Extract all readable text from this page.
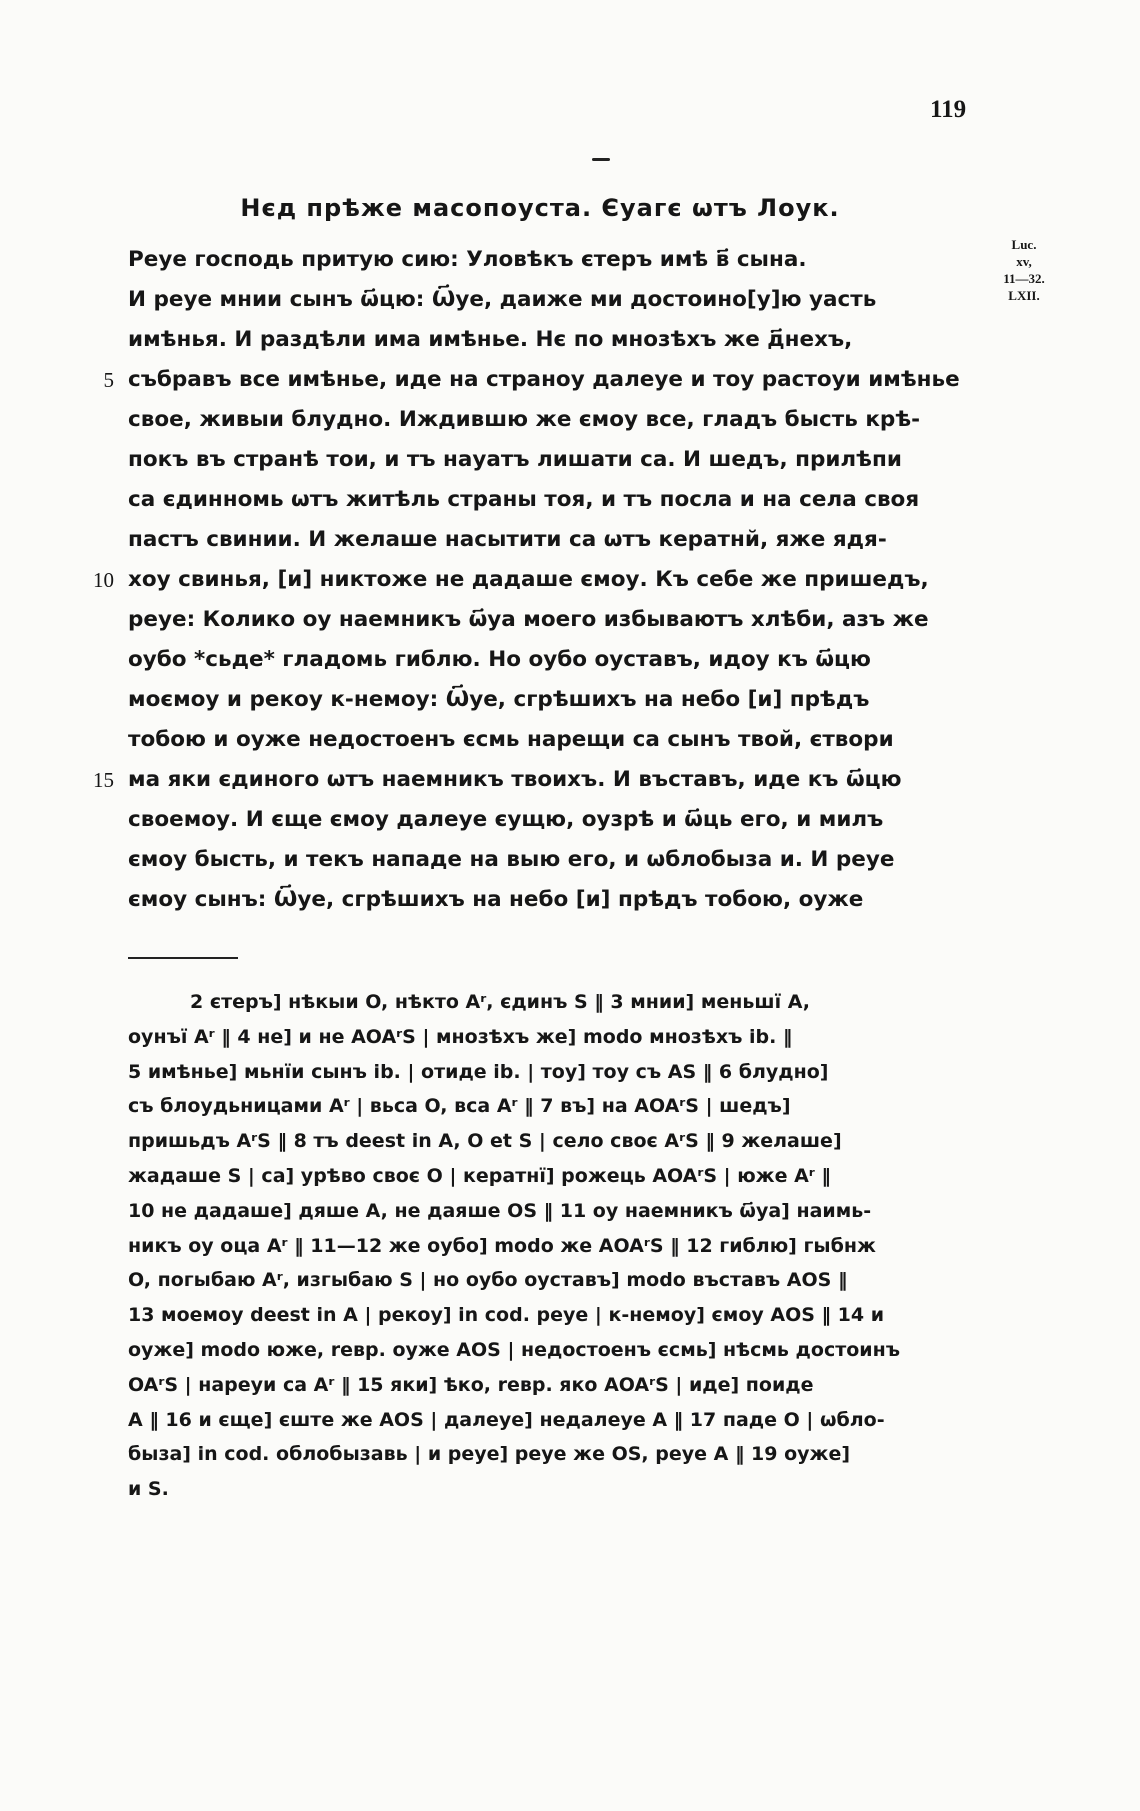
119
Нєд прѣже масопоуста. Єуагє ѡтъ Лоук.
Luc.
xv,
11—32.
LXII.
Реуе господь притую сию: Уловѣкъ єтеръ имѣ в҃ сына.
И реуе мнии сынъ ѡ҃цю: Ѡ҃уе, даиже ми достоино[у]ю уасть
имѣнья. И раздѣли има имѣнье. Нє по мнозѣхъ же д҃нехъ,
5 събравъ все имѣнье, иде на страноу далеуе и тоу растоуи имѣнье
свое, живыи блудно. Иждившю же ємоу все, гладъ бысть крѣ-
покъ въ странѣ тои, и тъ науатъ лишати са. И шедъ, прилѣпи
са єдинномь ѡтъ житѣль страны тоя, и тъ посла и на села своя
пастъ свинии. И желаше насытити са ѡтъ кератнй, яже ядя-
10 хоу свинья, [и] никтоже не дадаше ємоу. Къ себе же пришедъ,
реуе: Колико оу наемникъ ѡ҃уа моего избываютъ хлѣби, азъ же
оубо *сьде* гладомь гиблю. Но оубо оуставъ, идоу къ ѡ҃цю
моємоу и рекоу к-немоу: Ѡ҃уе, сгрѣшихъ на небо [и] прѣдъ
тобою и оуже недостоенъ єсмь нарещи са сынъ твой, єтвори
15 ма яки єдиного ѡтъ наемникъ твоихъ. И въставъ, иде къ ѡ҃цю
своемоу. И єще ємоу далеуе єущю, оузрѣ и ѡ҃ць его, и милъ
ємоу бысть, и текъ нападе на выю его, и ѡблобыза и. И реуе
ємоу сынъ: Ѡ҃уе, сгрѣшихъ на небо [и] прѣдъ тобою, оуже
2 єтеръ] нѣкыи O, нѣкто Aʳ, єдинъ S ‖ 3 мнии] меньшї A,
оунъї Aʳ ‖ 4 не] и не AOAʳS | мнозѣхъ же] modo мнозѣхъ ib. ‖
5 имѣнье] мьнїи сынъ ib. | отиде ib. | тоу] тоу съ AS ‖ 6 блудно]
съ блоудьницами Aʳ | вьса O, вса Aʳ ‖ 7 въ] на AOAʳS | шедъ]
пришьдъ AʳS ‖ 8 тъ deest in A, O et S | село своє AʳS ‖ 9 желаше]
жадаше S | са] урѣво своє O | кератнї] рожець AOAʳS | юже Aʳ ‖
10 не дадаше] дяше A, не даяше OS ‖ 11 оу наемникъ ѡ҃уа] наимь-
никъ оу оца Aʳ ‖ 11—12 же оубо] modo же AOAʳS ‖ 12 гиблю] гыбнж
O, погыбаю Aʳ, изгыбаю S | но оубо оуставъ] modo въставъ AOS ‖
13 моемоу deest in A | рекоу] in cod. реуе | к-немоу] ємоу AOS ‖ 14 и
оуже] modo юже, reвр. оуже AOS | недостоенъ єсмь] нѣсмь достоинъ
OAʳS | нареуи са Aʳ ‖ 15 яки] ѣко, reвр. яко AOAʳS | иде] поиде
A ‖ 16 и єще] єште же AOS | далеуе] недалеуе A ‖ 17 паде O | ѡбло-
бызa] in cod. облобызавь | и реуе] реуе же OS, реуе A ‖ 19 оуже]
и S.
